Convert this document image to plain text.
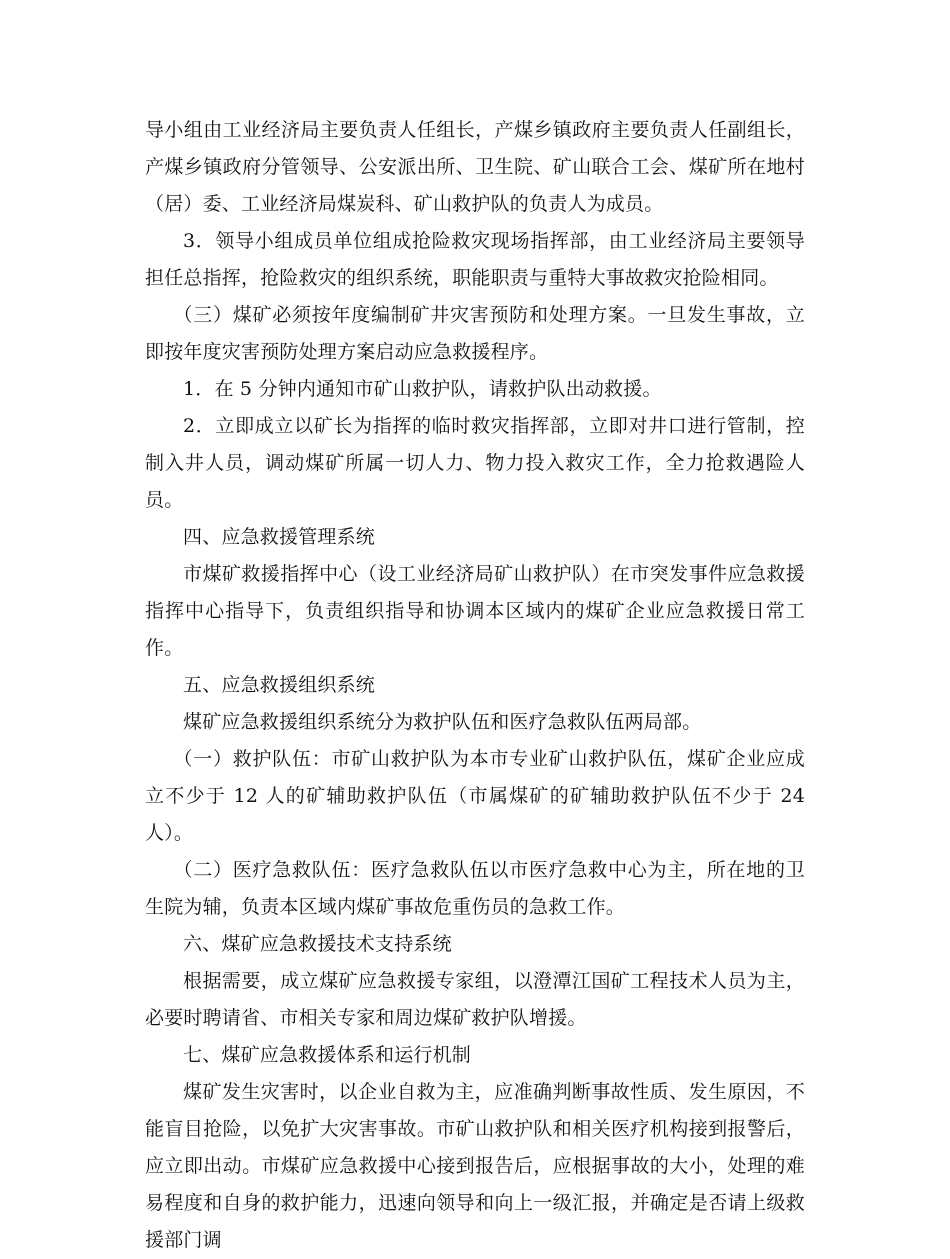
导小组由工业经济局主要负责人任组长，产煤乡镇政府主要负责人任副组长，产煤乡镇政府分管领导、公安派出所、卫生院、矿山联合工会、煤矿所在地村（居）委、工业经济局煤炭科、矿山救护队的负责人为成员。

3．领导小组成员单位组成抢险救灾现场指挥部，由工业经济局主要领导担任总指挥，抢险救灾的组织系统，职能职责与重特大事故救灾抢险相同。

（三）煤矿必须按年度编制矿井灾害预防和处理方案。一旦发生事故，立即按年度灾害预防处理方案启动应急救援程序。

1．在 5 分钟内通知市矿山救护队，请救护队出动救援。

2．立即成立以矿长为指挥的临时救灾指挥部，立即对井口进行管制，控制入井人员，调动煤矿所属一切人力、物力投入救灾工作，全力抢救遇险人员。

四、应急救援管理系统

市煤矿救援指挥中心（设工业经济局矿山救护队）在市突发事件应急救援指挥中心指导下，负责组织指导和协调本区域内的煤矿企业应急救援日常工作。

五、应急救援组织系统

煤矿应急救援组织系统分为救护队伍和医疗急救队伍两局部。

（一）救护队伍：市矿山救护队为本市专业矿山救护队伍，煤矿企业应成立不少于 12 人的矿辅助救护队伍（市属煤矿的矿辅助救护队伍不少于 24 人）。

（二）医疗急救队伍：医疗急救队伍以市医疗急救中心为主，所在地的卫生院为辅，负责本区域内煤矿事故危重伤员的急救工作。

六、煤矿应急救援技术支持系统

根据需要，成立煤矿应急救援专家组，以澄潭江国矿工程技术人员为主，必要时聘请省、市相关专家和周边煤矿救护队增援。

七、煤矿应急救援体系和运行机制

煤矿发生灾害时，以企业自救为主，应准确判断事故性质、发生原因，不能盲目抢险，以免扩大灾害事故。市矿山救护队和相关医疗机构接到报警后，应立即出动。市煤矿应急救援中心接到报告后，应根据事故的大小，处理的难易程度和自身的救护能力，迅速向领导和向上一级汇报，并确定是否请上级救援部门调
